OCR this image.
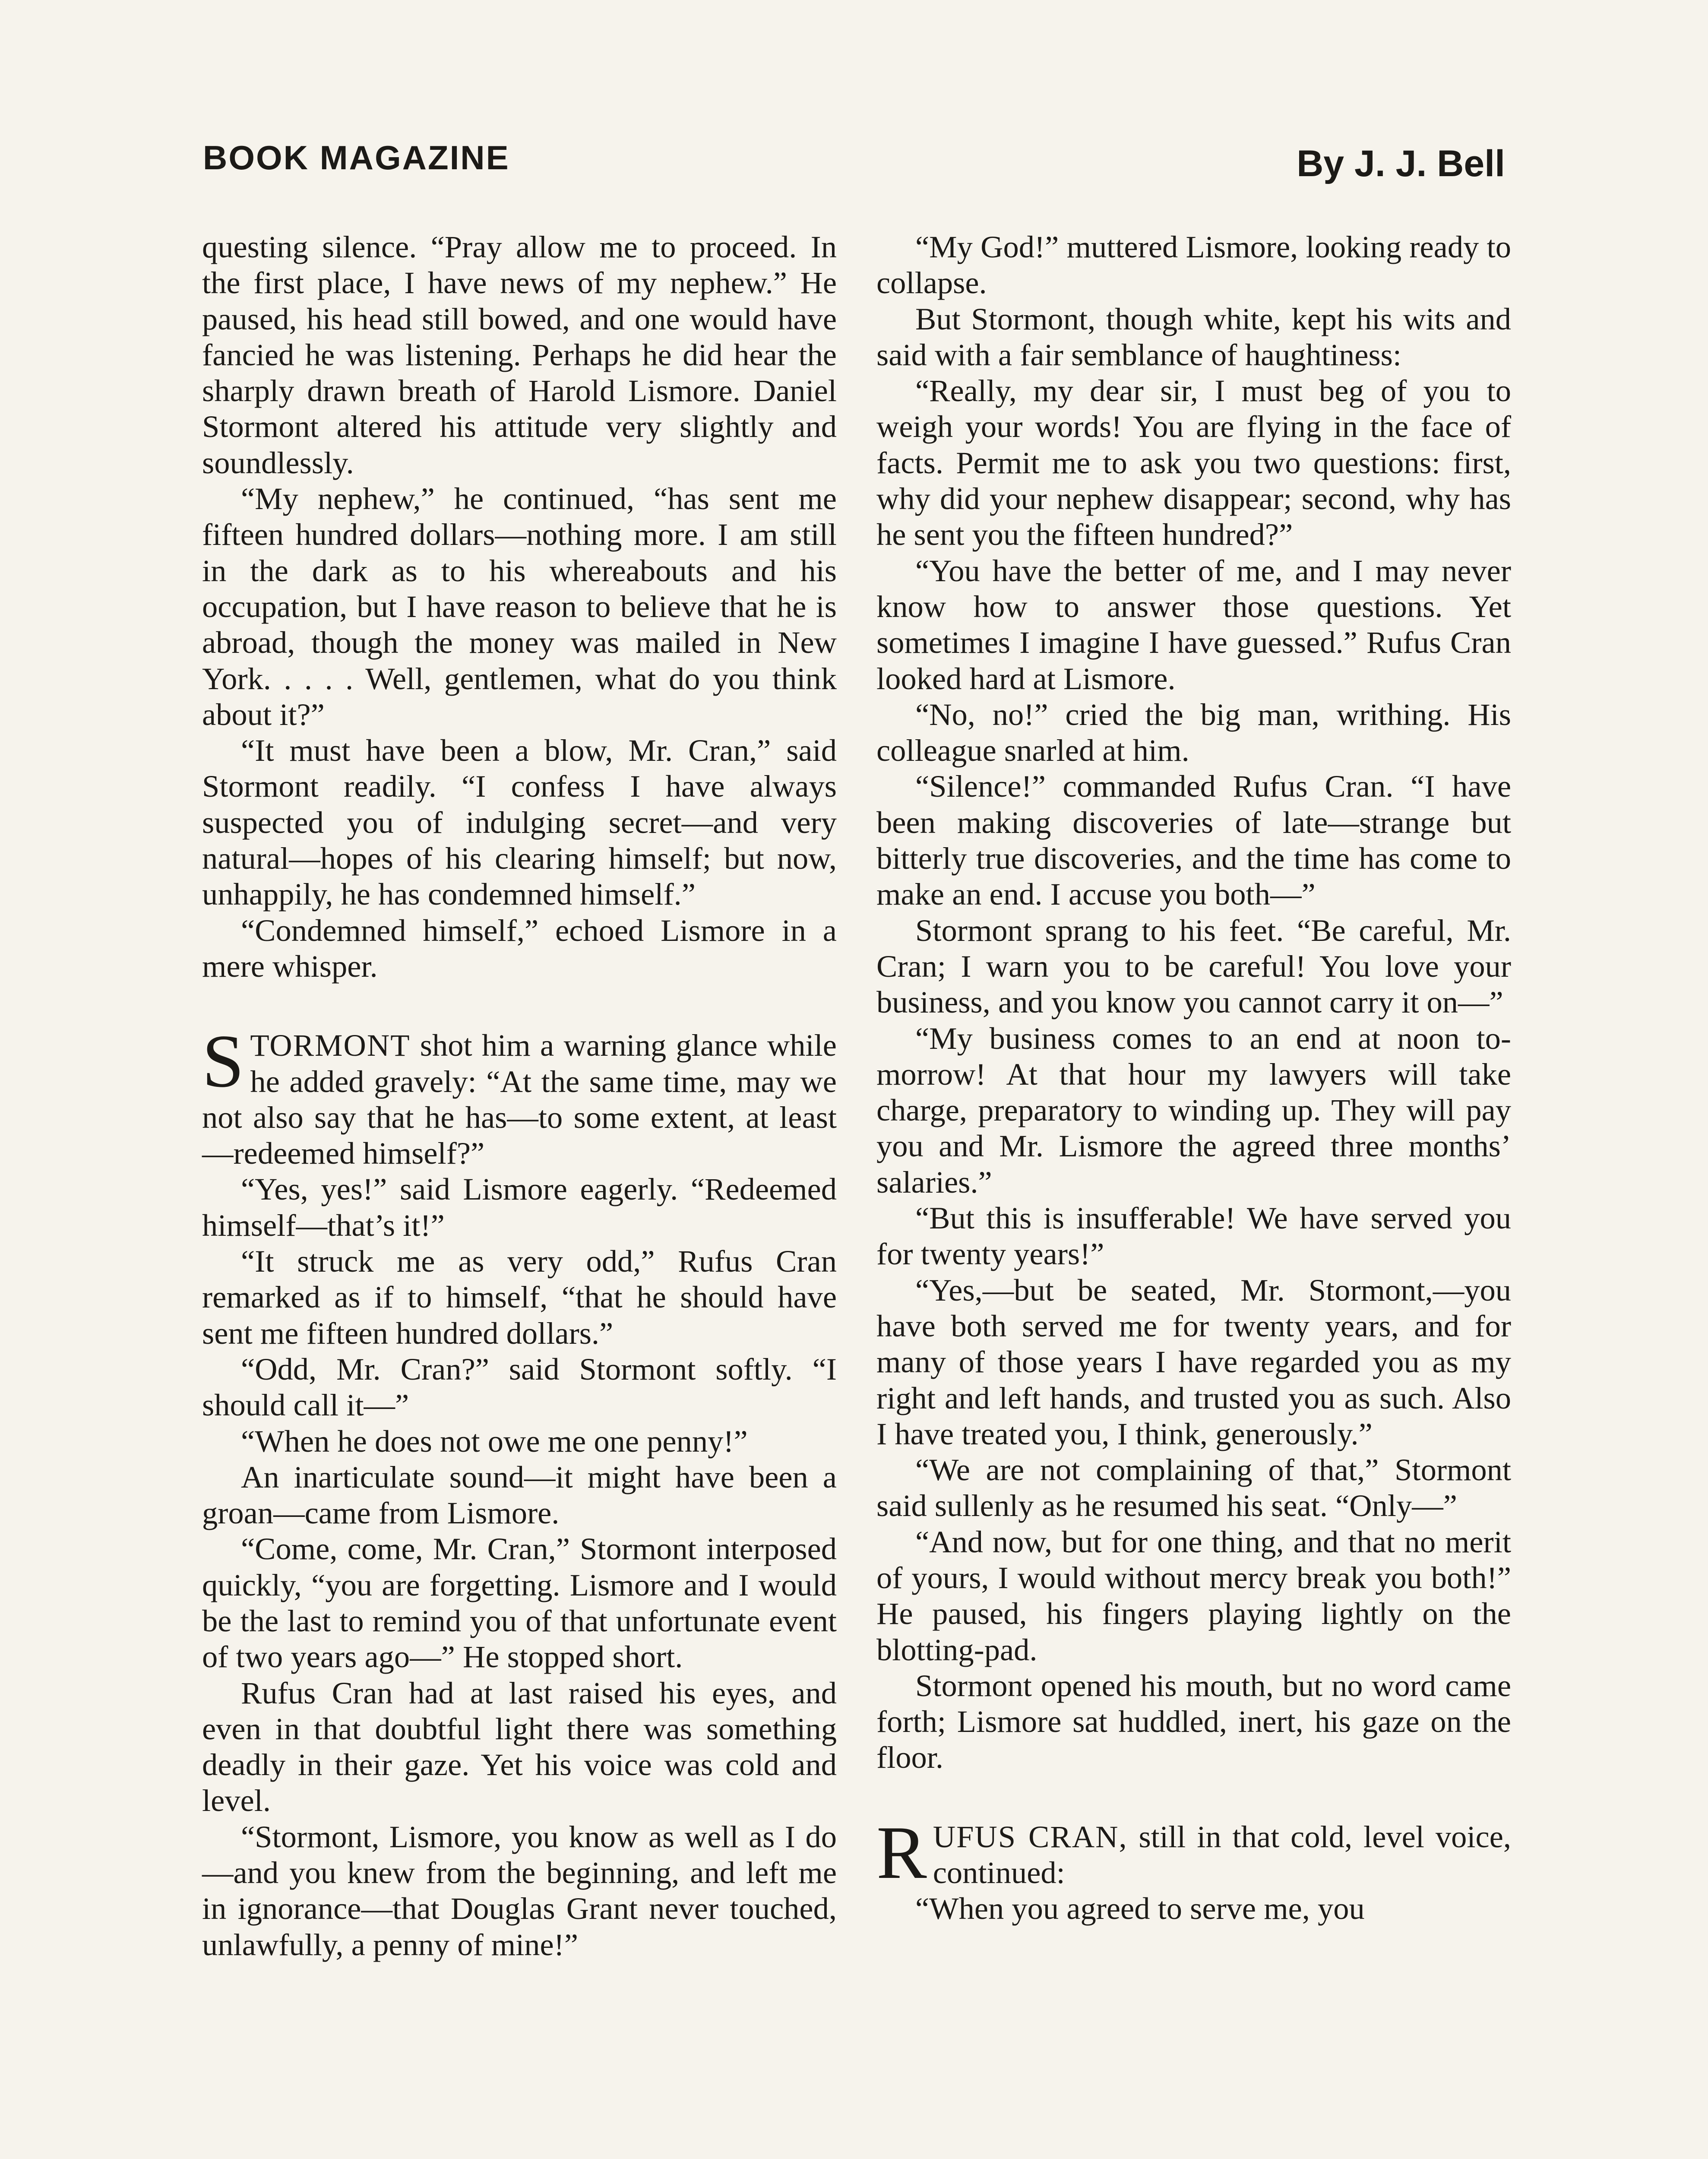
BOOK MAGAZINE	By J. J. Bell

questing silence. “Pray allow me to proceed. In the first place, I have news of my nephew.” He paused, his head still bowed, and one would have fancied he was listening. Perhaps he did hear the sharply drawn breath of Harold Lismore. Daniel Stormont altered his attitude very slightly and soundlessly.

“My nephew,” he continued, “has sent me fifteen hundred dollars—nothing more. I am still in the dark as to his whereabouts and his occupation, but I have reason to believe that he is abroad, though the money was mailed in New York. . . . . Well, gentlemen, what do you think about it?”

“It must have been a blow, Mr. Cran,” said Stormont readily. “I confess I have always suspected you of indulging secret—and very natural—hopes of his clearing himself; but now, unhappily, he has condemned himself.”

“Condemned himself,” echoed Lismore in a mere whisper.

STORMONT shot him a warning glance while he added gravely: “At the same time, may we not also say that he has—to some extent, at least—redeemed himself?”

“Yes, yes!” said Lismore eagerly. “Redeemed himself—that’s it!”

“It struck me as very odd,” Rufus Cran remarked as if to himself, “that he should have sent me fifteen hundred dollars.”

“Odd, Mr. Cran?” said Stormont softly. “I should call it—”

“When he does not owe me one penny!”

An inarticulate sound—it might have been a groan—came from Lismore.

“Come, come, Mr. Cran,” Stormont interposed quickly, “you are forgetting. Lismore and I would be the last to remind you of that unfortunate event of two years ago—” He stopped short.

Rufus Cran had at last raised his eyes, and even in that doubtful light there was something deadly in their gaze. Yet his voice was cold and level.

“Stormont, Lismore, you know as well as I do—and you knew from the beginning, and left me in ignorance—that Douglas Grant never touched, unlawfully, a penny of mine!”

“My God!” muttered Lismore, looking ready to collapse.

But Stormont, though white, kept his wits and said with a fair semblance of haughtiness:

“Really, my dear sir, I must beg of you to weigh your words! You are flying in the face of facts. Permit me to ask you two questions: first, why did your nephew disappear; second, why has he sent you the fifteen hundred?”

“You have the better of me, and I may never know how to answer those questions. Yet sometimes I imagine I have guessed.” Rufus Cran looked hard at Lismore.

“No, no!” cried the big man, writhing. His colleague snarled at him.

“Silence!” commanded Rufus Cran. “I have been making discoveries of late—strange but bitterly true discoveries, and the time has come to make an end. I accuse you both—”

Stormont sprang to his feet. “Be careful, Mr. Cran; I warn you to be careful! You love your business, and you know you cannot carry it on—”

“My business comes to an end at noon to-morrow! At that hour my lawyers will take charge, preparatory to winding up. They will pay you and Mr. Lismore the agreed three months’ salaries.”

“But this is insufferable! We have served you for twenty years!”

“Yes,—but be seated, Mr. Stormont,—you have both served me for twenty years, and for many of those years I have regarded you as my right and left hands, and trusted you as such. Also I have treated you, I think, generously.”

“We are not complaining of that,” Stormont said sullenly as he resumed his seat. “Only—”

“And now, but for one thing, and that no merit of yours, I would without mercy break you both!” He paused, his fingers playing lightly on the blotting-pad.

Stormont opened his mouth, but no word came forth; Lismore sat huddled, inert, his gaze on the floor.

RUFUS CRAN, still in that cold, level voice, continued:

“When you agreed to serve me, you
